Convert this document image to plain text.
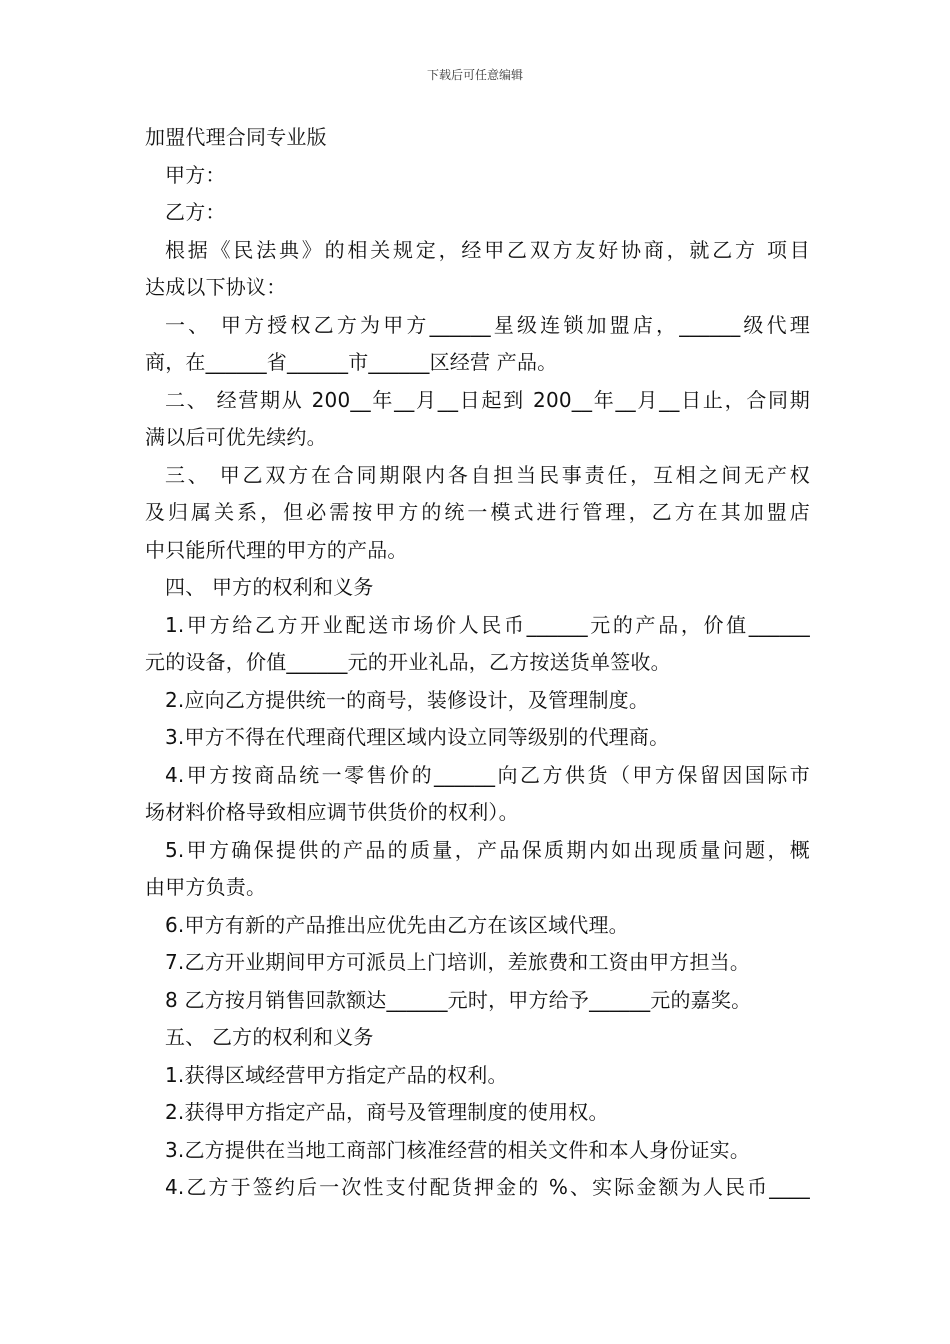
下载后可任意编辑

加盟代理合同专业版

甲方：

乙方：

根据《民法典》的相关规定，经甲乙双方友好协商，就乙方 项目

达成以下协议：

一、 甲方授权乙方为甲方______星级连锁加盟店，______级代理

商，在______省______市______区经营 产品。

二、 经营期从 200__年__月__日起到 200__年__月__日止，合同期

满以后可优先续约。

三、 甲乙双方在合同期限内各自担当民事责任，互相之间无产权

及归属关系，但必需按甲方的统一模式进行管理，乙方在其加盟店

中只能所代理的甲方的产品。

四、 甲方的权利和义务

1.甲方给乙方开业配送市场价人民币______元的产品，价值______

元的设备，价值______元的开业礼品，乙方按送货单签收。

2.应向乙方提供统一的商号，装修设计，及管理制度。

3.甲方不得在代理商代理区域内设立同等级别的代理商。

4.甲方按商品统一零售价的______向乙方供货（甲方保留因国际市

场材料价格导致相应调节供货价的权利）。

5.甲方确保提供的产品的质量，产品保质期内如出现质量问题，概

由甲方负责。

6.甲方有新的产品推出应优先由乙方在该区域代理。

7.乙方开业期间甲方可派员上门培训，差旅费和工资由甲方担当。

8 乙方按月销售回款额达______元时，甲方给予______元的嘉奖。

五、 乙方的权利和义务

1.获得区域经营甲方指定产品的权利。

2.获得甲方指定产品，商号及管理制度的使用权。

3.乙方提供在当地工商部门核准经营的相关文件和本人身份证实。

4.乙方于签约后一次性支付配货押金的 %、实际金额为人民币____
